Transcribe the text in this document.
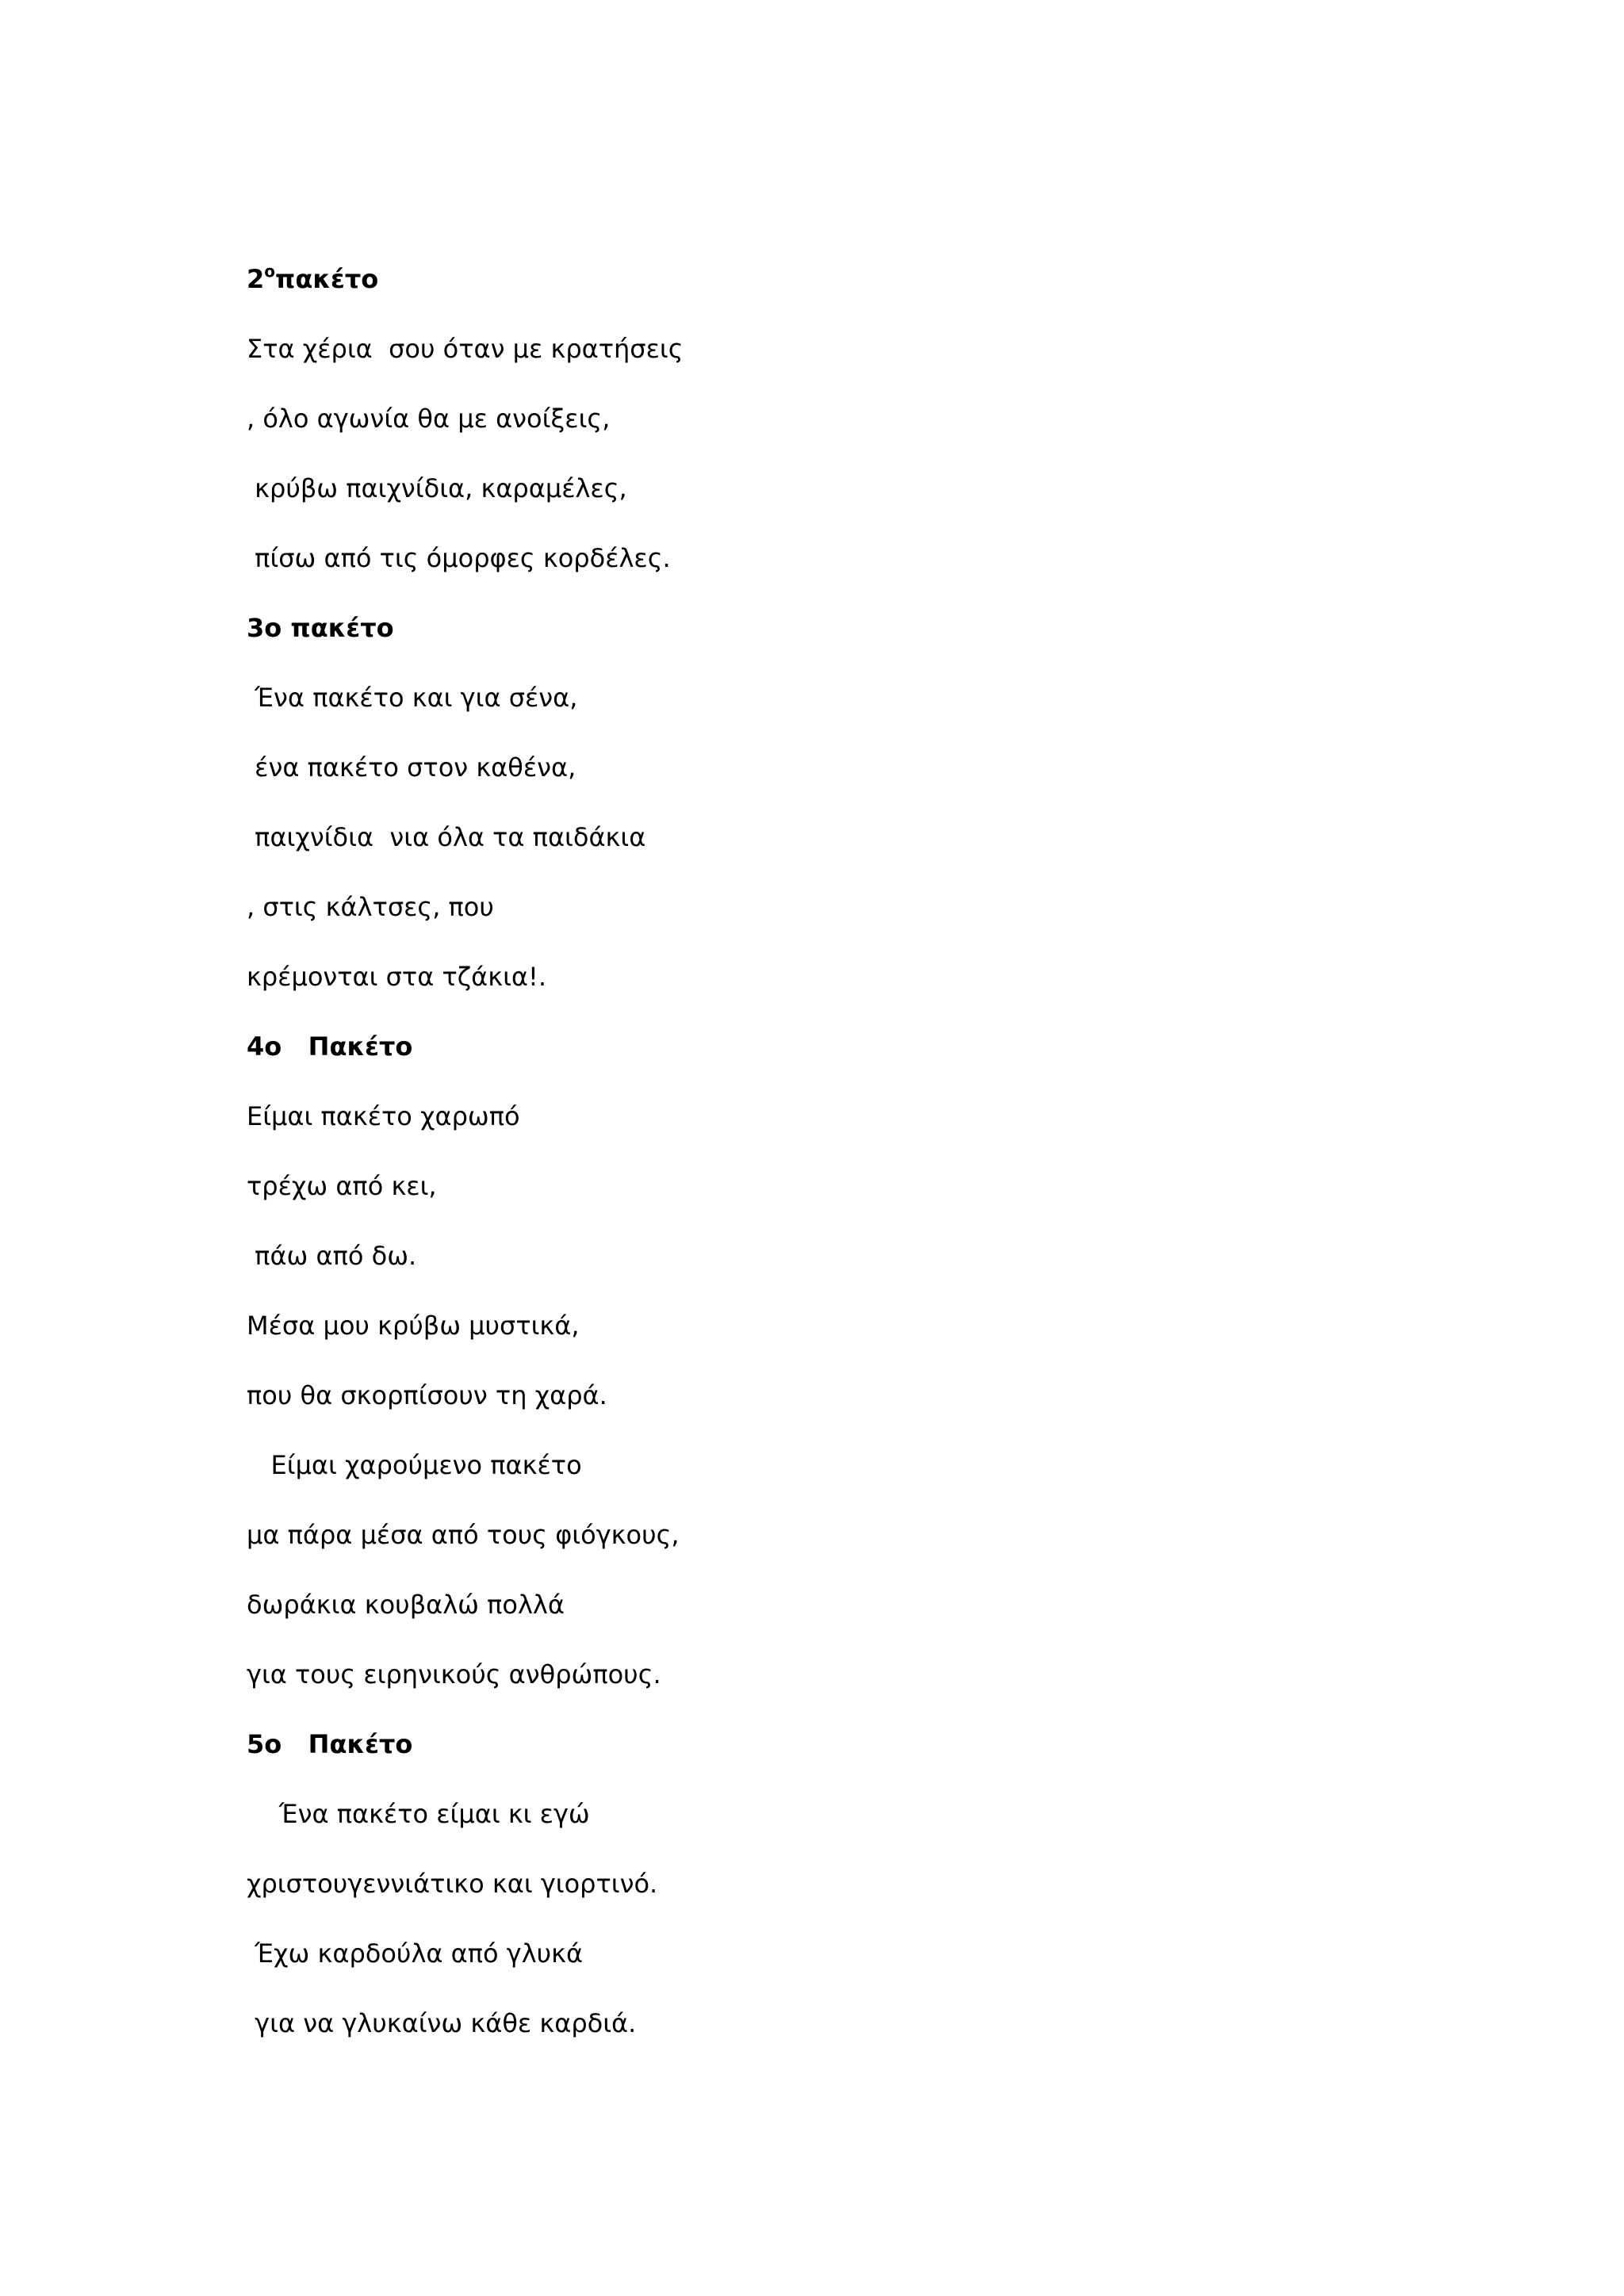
$2^o\pi\alpha\kappa έ\tau o$
Στα χέρια  σου όταν με κρατήσεις
, όλο αγωνία θα με ανοίξεις,
κρύβω παιχνίδια, καραμέλες,
πίσω από τις όμορφες κορδέλες.
3ο πακέτο
Ένα πακέτο και για σένα,
ένα πακέτο στον καθένα,
παιχνίδια  νια όλα τα παιδάκια
, στις κάλτσες, που
κρέμονται στα τζάκια!.
4ο   Πακέτο
Είμαι πακέτο χαρωπό
τρέχω από κει,
πάω από δω.
Μέσα μου κρύβω μυστικά,
που θα σκορπίσουν τη χαρά.
Είμαι χαρούμενο πακέτο
μα πάρα μέσα από τους φιόγκους,
δωράκια κουβαλώ πολλά
για τους ειρηνικούς ανθρώπους.
5ο   Πακέτο
Ένα πακέτο είμαι κι εγώ
χριστουγεννιάτικο και γιορτινό.
Έχω καρδούλα από γλυκά
για να γλυκαίνω κάθε καρδιά.
